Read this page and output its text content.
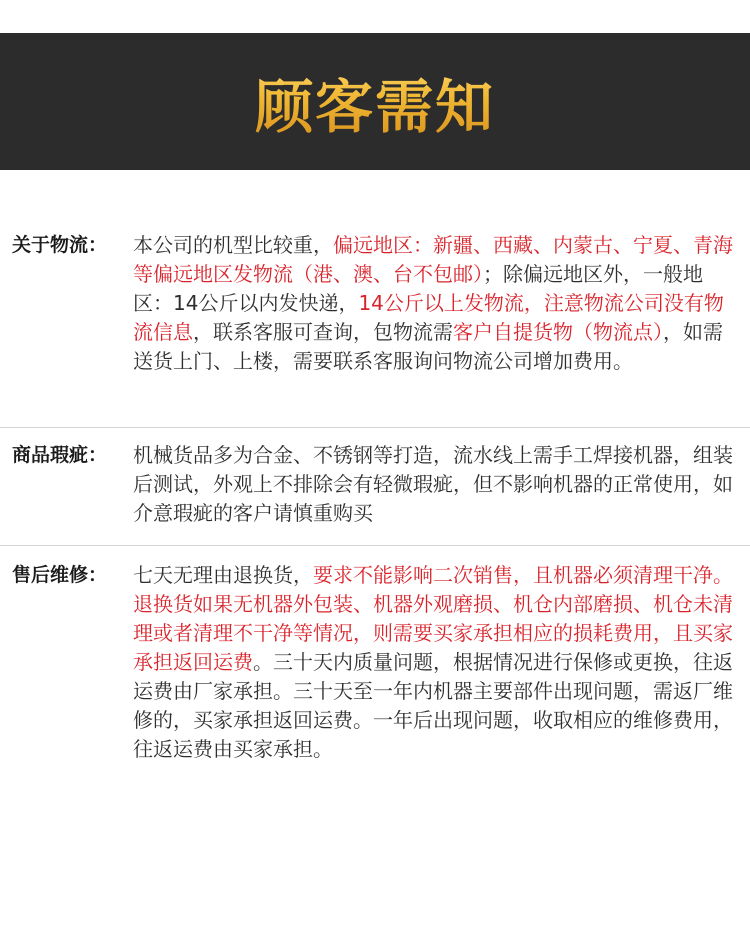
顾客需知
关于物流： 本公司的机型比较重，偏远地区：新疆、西藏、内蒙古、宁夏、青海等偏远地区发物流（港、澳、台不包邮）；除偏远地区外，一般地区：14公斤以内发快递，14公斤以上发物流，注意物流公司没有物流信息，联系客服可查询，包物流需客户自提货物（物流点），如需送货上门、上楼，需要联系客服询问物流公司增加费用。
商品瑕疵： 机械货品多为合金、不锈钢等打造，流水线上需手工焊接机器，组装后测试，外观上不排除会有轻微瑕疵，但不影响机器的正常使用，如介意瑕疵的客户请慎重购买
售后维修： 七天无理由退换货，要求不能影响二次销售，且机器必须清理干净。退换货如果无机器外包装、机器外观磨损、机仓内部磨损、机仓未清理或者清理不干净等情况，则需要买家承担相应的损耗费用，且买家承担返回运费。三十天内质量问题，根据情况进行保修或更换，往返运费由厂家承担。三十天至一年内机器主要部件出现问题，需返厂维修的，买家承担返回运费。一年后出现问题，收取相应的维修费用，往返运费由买家承担。
